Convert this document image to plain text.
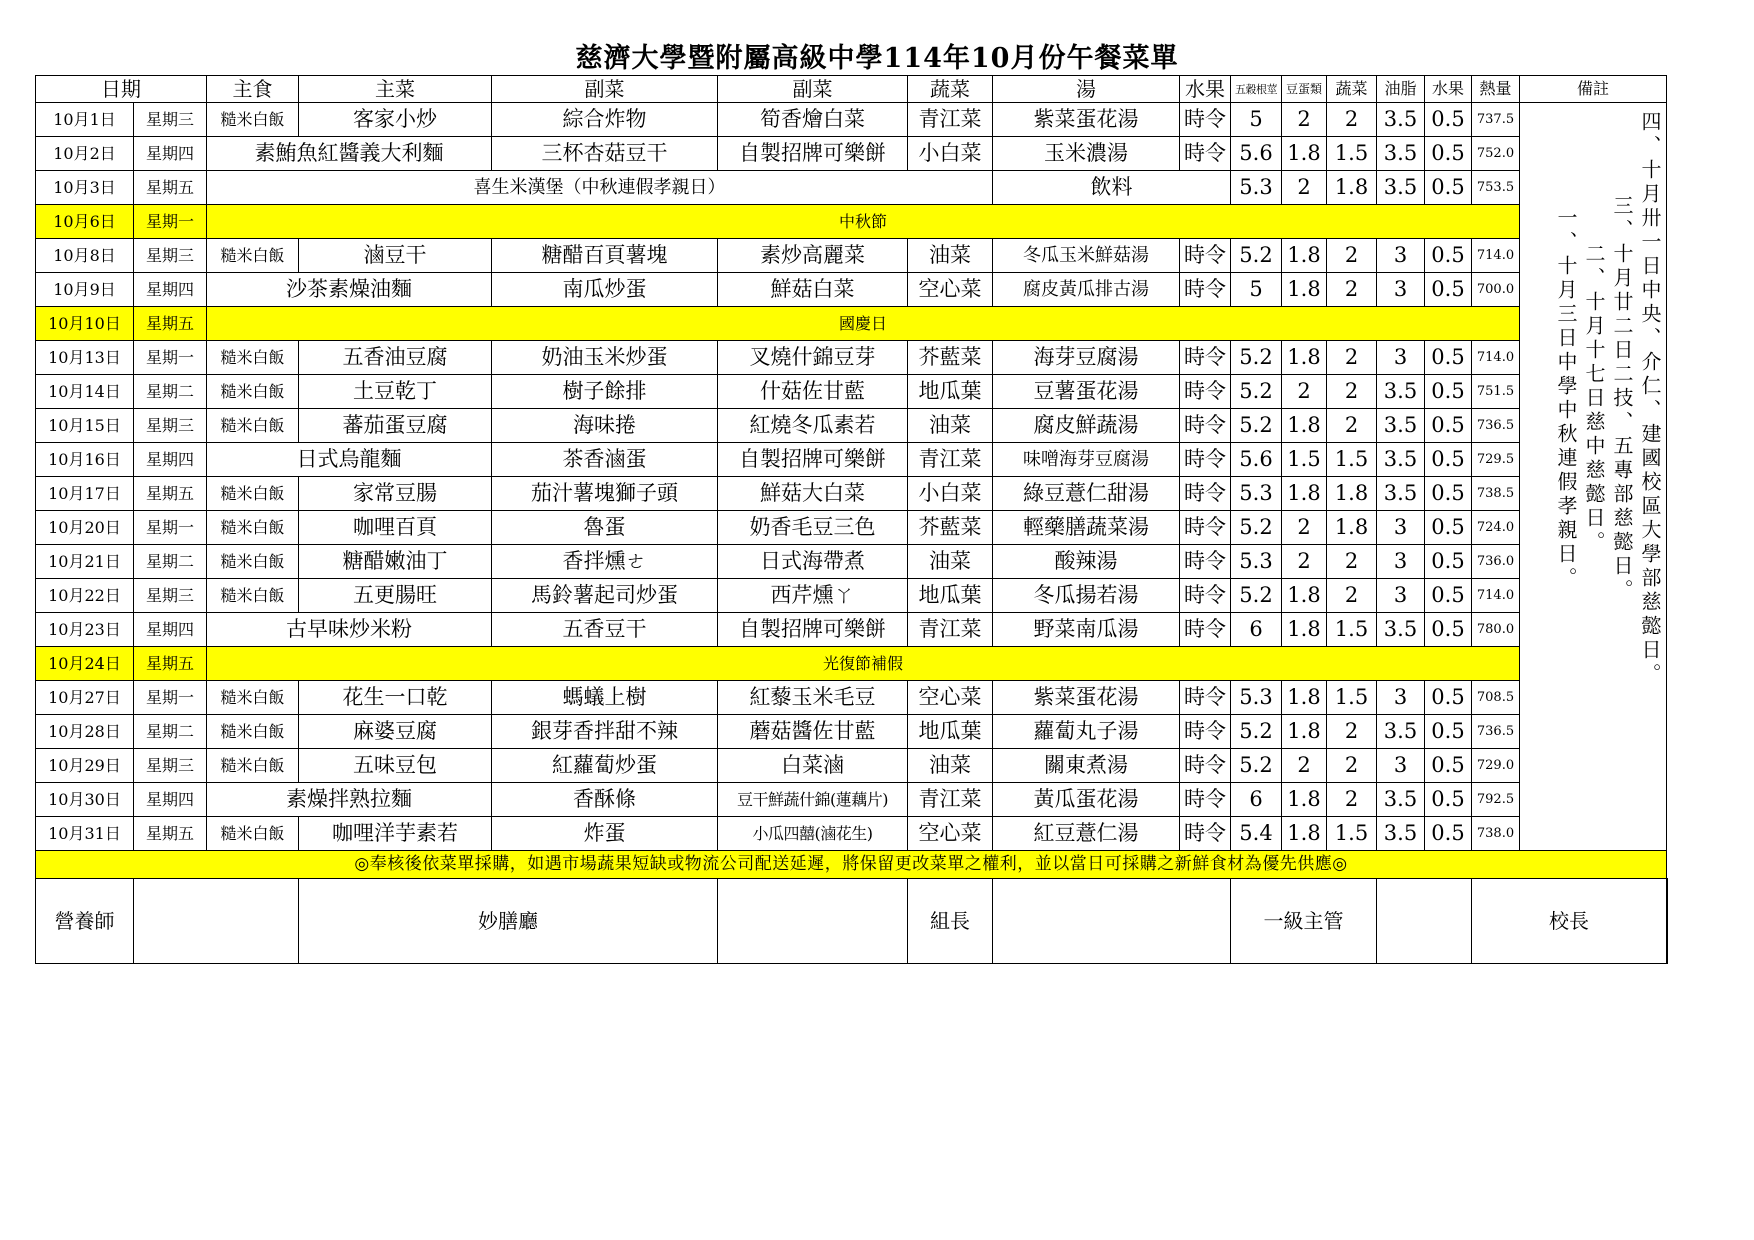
慈濟大學暨附屬高級中學114年10月份午餐菜單
日期		主食	主菜	副菜	副菜	蔬菜	湯	水果	五穀根莖	豆蛋類	蔬菜	油脂	水果	熱量	備註	
10月1日	星期三	糙米白飯	客家小炒	綜合炸物	筍香燴白菜	青江菜	紫菜蛋花湯	時令	5	2	2	3.5	0.5	737.5	四、十月卅一日中央、介仁、建國校區大學部慈懿日。
三、十月廿二日二技、五專部慈懿日。
二、十月十七日慈中慈懿日。
一、十月三日中學中秋連假孝親日。	

10月2日	星期四	素鮪魚紅醬義大利麵		三杯杏菇豆干	自製招牌可樂餅	小白菜	玉米濃湯	時令	5.6	1.8	1.5	3.5	0.5	752.0		
10月3日	星期五	喜生米漢堡（中秋連假孝親日）					飲料		5.3	2	1.8	3.5	0.5	753.5		
10月6日	星期一	中秋節														
10月8日	星期三	糙米白飯	滷豆干	糖醋百頁薯塊	素炒高麗菜	油菜	冬瓜玉米鮮菇湯	時令	5.2	1.8	2	3	0.5	714.0		
10月9日	星期四	沙茶素燥油麵		南瓜炒蛋	鮮菇白菜	空心菜	腐皮黃瓜排古湯	時令	5	1.8	2	3	0.5	700.0		
10月10日	星期五	國慶日														
10月13日	星期一	糙米白飯	五香油豆腐	奶油玉米炒蛋	叉燒什錦豆芽	芥藍菜	海芽豆腐湯	時令	5.2	1.8	2	3	0.5	714.0		
10月14日	星期二	糙米白飯	土豆乾丁	樹子餘排	什菇佐甘藍	地瓜葉	豆薯蛋花湯	時令	5.2	2	2	3.5	0.5	751.5		
10月15日	星期三	糙米白飯	蕃茄蛋豆腐	海味捲	紅燒冬瓜素若	油菜	腐皮鮮蔬湯	時令	5.2	1.8	2	3.5	0.5	736.5		
10月16日	星期四	日式烏龍麵		茶香滷蛋	自製招牌可樂餅	青江菜	味噌海芽豆腐湯	時令	5.6	1.5	1.5	3.5	0.5	729.5		
10月17日	星期五	糙米白飯	家常豆腸	茄汁薯塊獅子頭	鮮菇大白菜	小白菜	綠豆薏仁甜湯	時令	5.3	1.8	1.8	3.5	0.5	738.5		
10月20日	星期一	糙米白飯	咖哩百頁	魯蛋	奶香毛豆三色	芥藍菜	輕藥膳蔬菜湯	時令	5.2	2	1.8	3	0.5	724.0		
10月21日	星期二	糙米白飯	糖醋嫩油丁	香拌燻ㄜ	日式海帶煮	油菜	酸辣湯	時令	5.3	2	2	3	0.5	736.0		
10月22日	星期三	糙米白飯	五更腸旺	馬鈴薯起司炒蛋	西芹燻ㄚ	地瓜葉	冬瓜揚若湯	時令	5.2	1.8	2	3	0.5	714.0		
10月23日	星期四	古早味炒米粉		五香豆干	自製招牌可樂餅	青江菜	野菜南瓜湯	時令	6	1.8	1.5	3.5	0.5	780.0		
10月24日	星期五	光復節補假														
10月27日	星期一	糙米白飯	花生一口乾	螞蟻上樹	紅藜玉米毛豆	空心菜	紫菜蛋花湯	時令	5.3	1.8	1.5	3	0.5	708.5		
10月28日	星期二	糙米白飯	麻婆豆腐	銀芽香拌甜不辣	蘑菇醬佐甘藍	地瓜葉	蘿蔔丸子湯	時令	5.2	1.8	2	3.5	0.5	736.5		
10月29日	星期三	糙米白飯	五味豆包	紅蘿蔔炒蛋	白菜滷	油菜	關東煮湯	時令	5.2	2	2	3	0.5	729.0		
10月30日	星期四	素燥拌熟拉麵		香酥條	豆干鮮蔬什錦(蓮藕片)	青江菜	黃瓜蛋花湯	時令	6	1.8	2	3.5	0.5	792.5		
10月31日	星期五	糙米白飯	咖哩洋芋素若	炸蛋	小瓜四囍(滷花生)	空心菜	紅豆薏仁湯	時令	5.4	1.8	1.5	3.5	0.5	738.0		
◎奉核後依菜單採購，如遇市場蔬果短缺或物流公司配送延遲，將保留更改菜單之權利，並以當日可採購之新鮮食材為優先供應◎																
營養師			妙膳廳			組長			一級主管					校長		
